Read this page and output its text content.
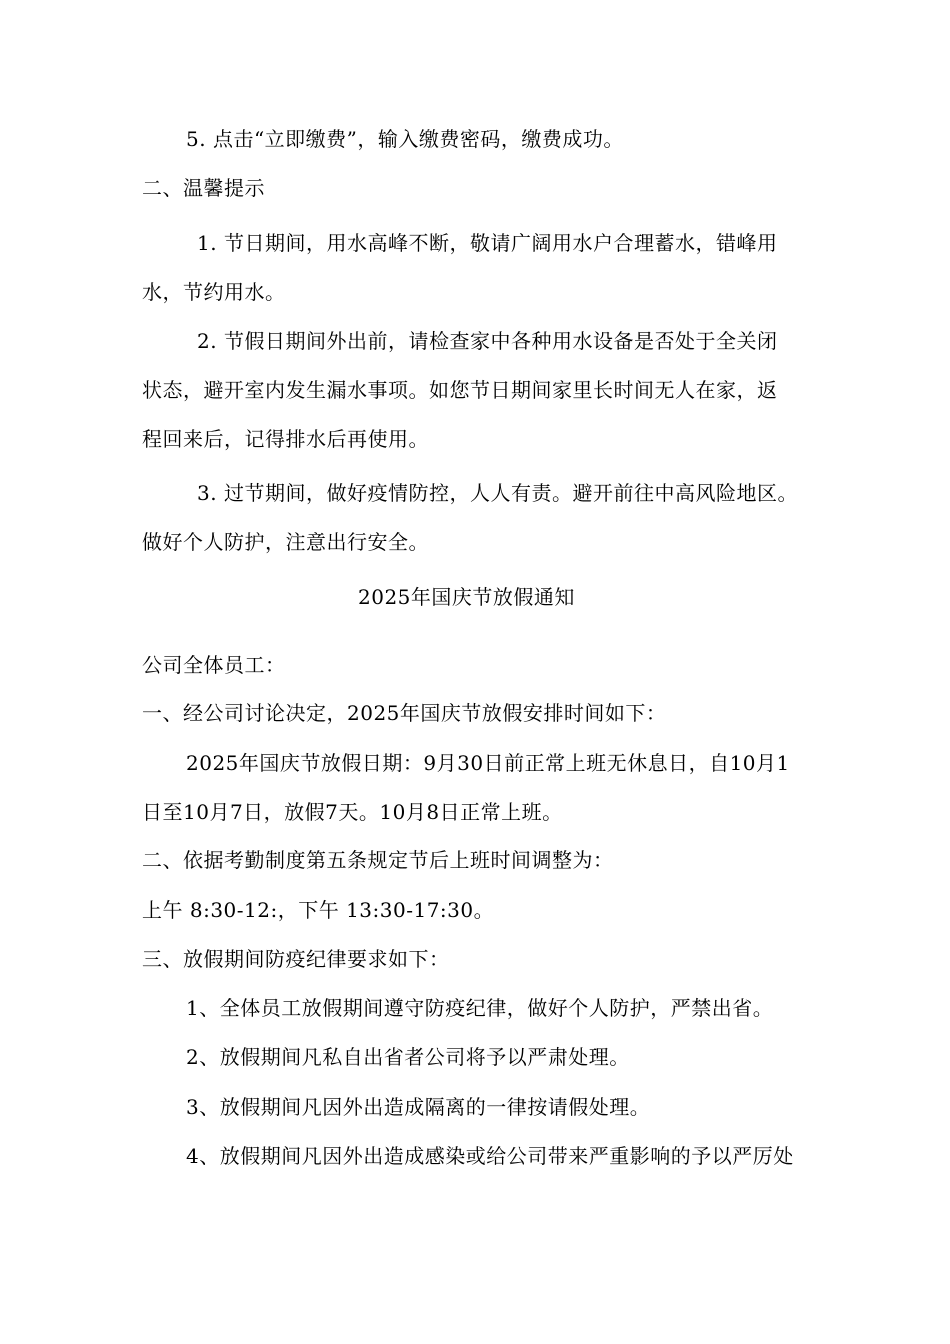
5. 点击“立即缴费”，输入缴费密码，缴费成功。
二、温馨提示
1. 节日期间，用水高峰不断，敬请广阔用水户合理蓄水，错峰用
水，节约用水。
2. 节假日期间外出前，请检查家中各种用水设备是否处于全关闭
状态，避开室内发生漏水事项。如您节日期间家里长时间无人在家，返
程回来后，记得排水后再使用。
3. 过节期间，做好疫情防控，人人有责。避开前往中高风险地区。
做好个人防护，注意出行安全。
2025年国庆节放假通知
公司全体员工：
一、经公司讨论决定，2025年国庆节放假安排时间如下：
2025年国庆节放假日期：9月30日前正常上班无休息日，自10月1
日至10月7日，放假7天。10月8日正常上班。
二、依据考勤制度第五条规定节后上班时间调整为：
上午 8:30-12:，下午 13:30-17:30。
三、放假期间防疫纪律要求如下：
1、全体员工放假期间遵守防疫纪律，做好个人防护，严禁出省。
2、放假期间凡私自出省者公司将予以严肃处理。
3、放假期间凡因外出造成隔离的一律按请假处理。
4、放假期间凡因外出造成感染或给公司带来严重影响的予以严厉处
